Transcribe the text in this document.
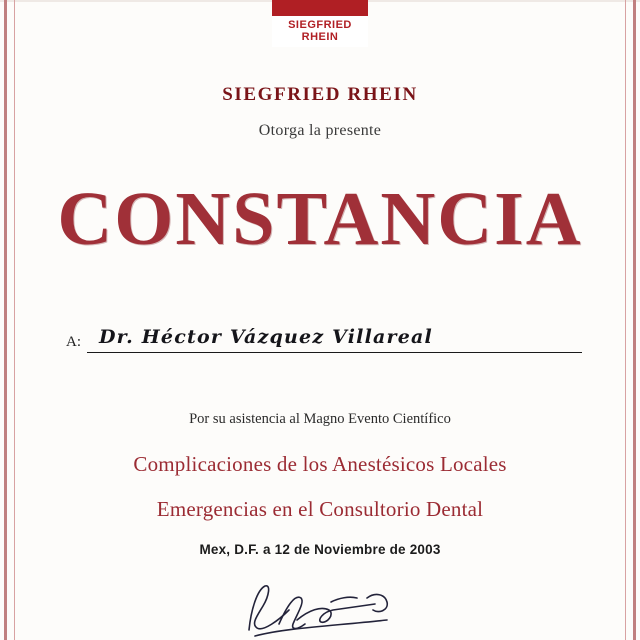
SIEGFRIED
RHEIN
SIEGFRIED RHEIN
Otorga la presente
CONSTANCIA
A: Dr. Héctor Vázquez Villareal
Por su asistencia al Magno Evento Científico
Complicaciones de los Anestésicos Locales
Emergencias en el Consultorio Dental
Mex, D.F. a 12 de Noviembre de 2003
